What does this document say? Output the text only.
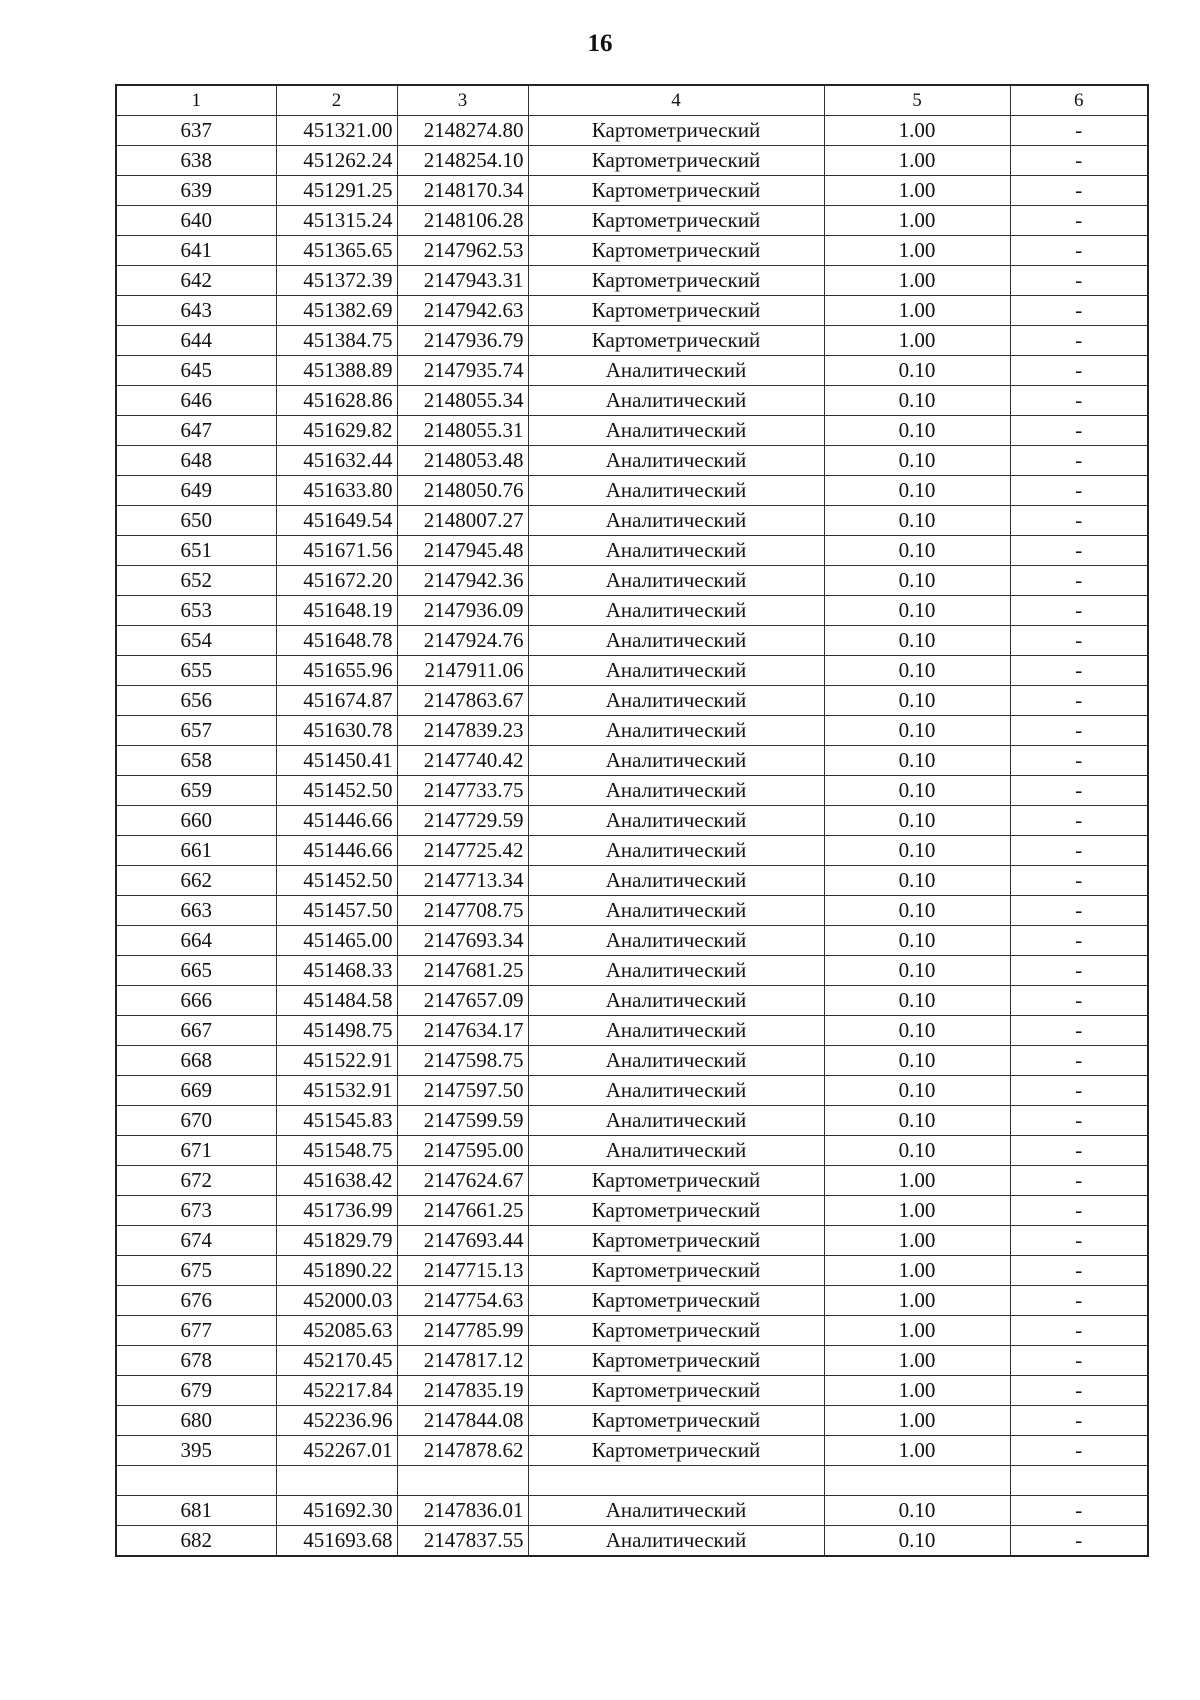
16
1	2	3	4	5	6
637	451321.00	2148274.80	Картометрический	1.00	-
638	451262.24	2148254.10	Картометрический	1.00	-
639	451291.25	2148170.34	Картометрический	1.00	-
640	451315.24	2148106.28	Картометрический	1.00	-
641	451365.65	2147962.53	Картометрический	1.00	-
642	451372.39	2147943.31	Картометрический	1.00	-
643	451382.69	2147942.63	Картометрический	1.00	-
644	451384.75	2147936.79	Картометрический	1.00	-
645	451388.89	2147935.74	Аналитический	0.10	-
646	451628.86	2148055.34	Аналитический	0.10	-
647	451629.82	2148055.31	Аналитический	0.10	-
648	451632.44	2148053.48	Аналитический	0.10	-
649	451633.80	2148050.76	Аналитический	0.10	-
650	451649.54	2148007.27	Аналитический	0.10	-
651	451671.56	2147945.48	Аналитический	0.10	-
652	451672.20	2147942.36	Аналитический	0.10	-
653	451648.19	2147936.09	Аналитический	0.10	-
654	451648.78	2147924.76	Аналитический	0.10	-
655	451655.96	2147911.06	Аналитический	0.10	-
656	451674.87	2147863.67	Аналитический	0.10	-
657	451630.78	2147839.23	Аналитический	0.10	-
658	451450.41	2147740.42	Аналитический	0.10	-
659	451452.50	2147733.75	Аналитический	0.10	-
660	451446.66	2147729.59	Аналитический	0.10	-
661	451446.66	2147725.42	Аналитический	0.10	-
662	451452.50	2147713.34	Аналитический	0.10	-
663	451457.50	2147708.75	Аналитический	0.10	-
664	451465.00	2147693.34	Аналитический	0.10	-
665	451468.33	2147681.25	Аналитический	0.10	-
666	451484.58	2147657.09	Аналитический	0.10	-
667	451498.75	2147634.17	Аналитический	0.10	-
668	451522.91	2147598.75	Аналитический	0.10	-
669	451532.91	2147597.50	Аналитический	0.10	-
670	451545.83	2147599.59	Аналитический	0.10	-
671	451548.75	2147595.00	Аналитический	0.10	-
672	451638.42	2147624.67	Картометрический	1.00	-
673	451736.99	2147661.25	Картометрический	1.00	-
674	451829.79	2147693.44	Картометрический	1.00	-
675	451890.22	2147715.13	Картометрический	1.00	-
676	452000.03	2147754.63	Картометрический	1.00	-
677	452085.63	2147785.99	Картометрический	1.00	-
678	452170.45	2147817.12	Картометрический	1.00	-
679	452217.84	2147835.19	Картометрический	1.00	-
680	452236.96	2147844.08	Картометрический	1.00	-
395	452267.01	2147878.62	Картометрический	1.00	-

681	451692.30	2147836.01	Аналитический	0.10	-
682	451693.68	2147837.55	Аналитический	0.10	-
